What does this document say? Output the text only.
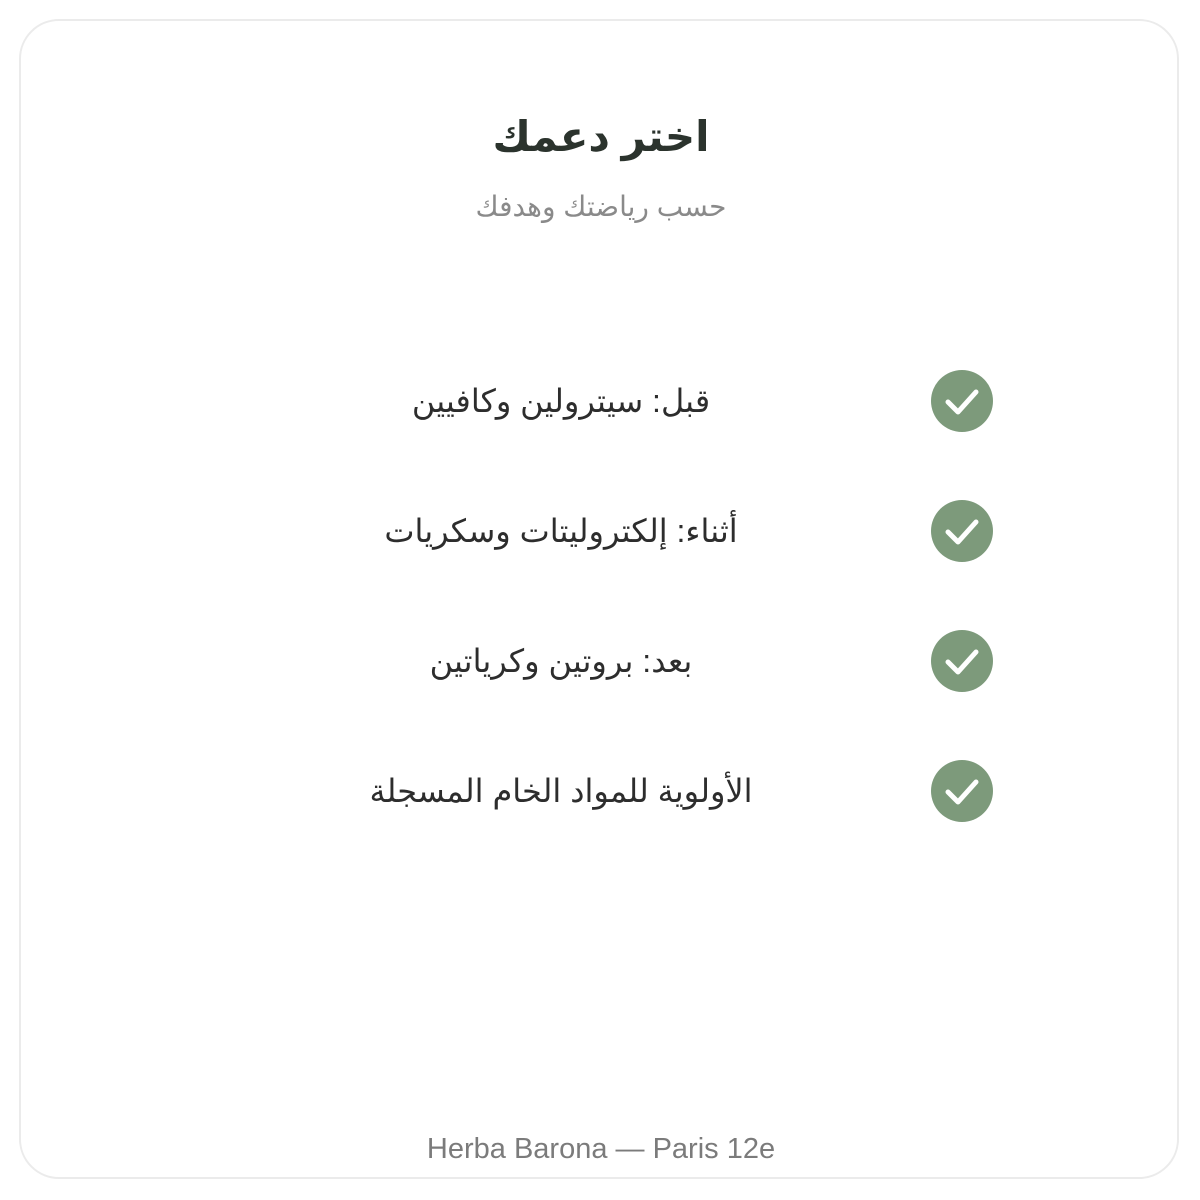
اختر دعمك
حسب رياضتك وهدفك
قبل: سيترولين وكافيين
أثناء: إلكتروليتات وسكريات
بعد: بروتين وكرياتين
الأولوية للمواد الخام المسجلة
Herba Barona — Paris 12e
